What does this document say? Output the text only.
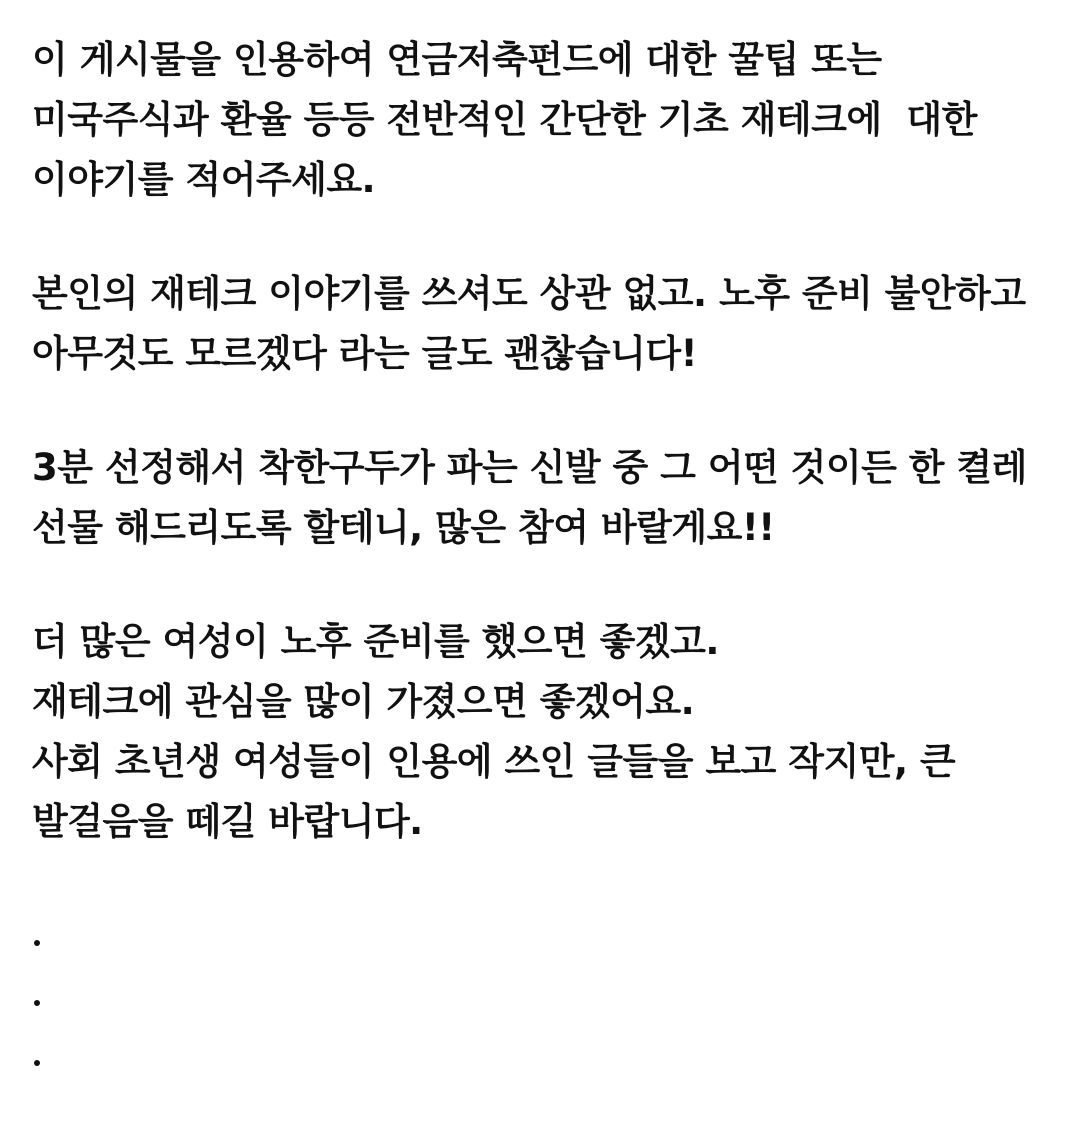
이 게시물을 인용하여 연금저축펀드에 대한 꿀팁 또는
미국주식과 환율 등등 전반적인 간단한 기초 재테크에  대한
이야기를 적어주세요.
본인의 재테크 이야기를 쓰셔도 상관 없고. 노후 준비 불안하고
아무것도 모르겠다 라는 글도 괜찮습니다!
3분 선정해서 착한구두가 파는 신발 중 그 어떤 것이든 한 켤레
선물 해드리도록 할테니, 많은 참여 바랄게요!!
더 많은 여성이 노후 준비를 했으면 좋겠고.
재테크에 관심을 많이 가졌으면 좋겠어요.
사회 초년생 여성들이 인용에 쓰인 글들을 보고 작지만, 큰
발걸음을 떼길 바랍니다.
